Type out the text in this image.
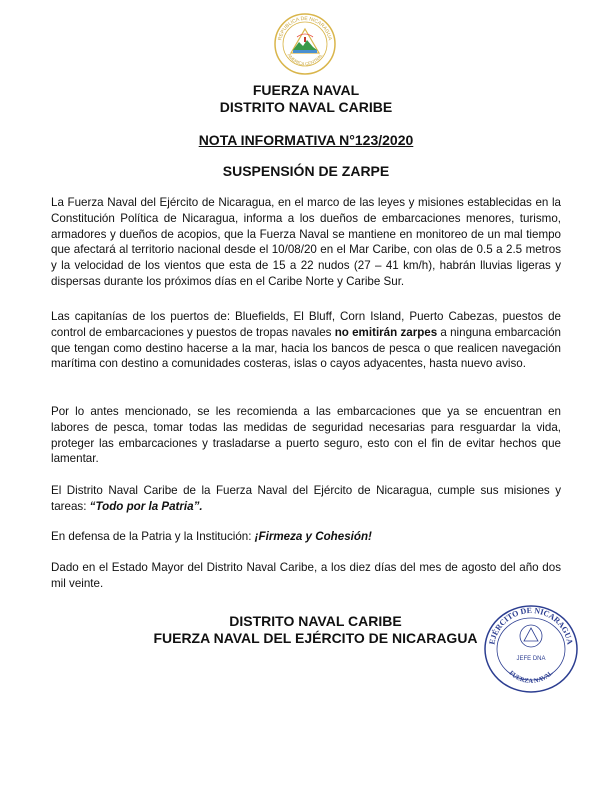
REPUBLICA DE NICARAGUA
AMERICA CENTRAL
FUERZA NAVAL
DISTRITO NAVAL CARIBE
NOTA INFORMATIVA N°123/2020
SUSPENSIÓN DE ZARPE

La Fuerza Naval del Ejército de Nicaragua, en el marco de las leyes y misiones establecidas en la Constitución Política de Nicaragua, informa a los dueños de embarcaciones menores, turismo, armadores y dueños de acopios, que la Fuerza Naval se mantiene en monitoreo de un mal tiempo que afectará al territorio nacional desde el 10/08/20 en el Mar Caribe, con olas de 0.5 a 2.5 metros y la velocidad de los vientos que esta de 15 a 22 nudos (27 – 41 km/h), habrán lluvias ligeras y dispersas durante los próximos días en el Caribe Norte y Caribe Sur.

Las capitanías de los puertos de: Bluefields, El Bluff, Corn Island, Puerto Cabezas, puestos de control de embarcaciones y puestos de tropas navales no emitirán zarpes a ninguna embarcación que tengan como destino hacerse a la mar, hacia los bancos de pesca o que realicen navegación marítima con destino a comunidades costeras, islas o cayos adyacentes, hasta nuevo aviso.

Por lo antes mencionado, se les recomienda a las embarcaciones que ya se encuentran en labores de pesca, tomar todas las medidas de seguridad necesarias para resguardar la vida, proteger las embarcaciones y trasladarse a puerto seguro, esto con el fin de evitar hechos que lamentar.

El Distrito Naval Caribe de la Fuerza Naval del Ejército de Nicaragua, cumple sus misiones y tareas: “Todo por la Patria”.

En defensa de la Patria y la Institución: ¡Firmeza y Cohesión!

Dado en el Estado Mayor del Distrito Naval Caribe, a los diez días del mes de agosto del año dos mil veinte.

DISTRITO NAVAL CARIBE
FUERZA NAVAL DEL EJÉRCITO DE NICARAGUA	EJÉRCITO DE NICARAGUA
FUERZA NAVAL
JEFE DNA
